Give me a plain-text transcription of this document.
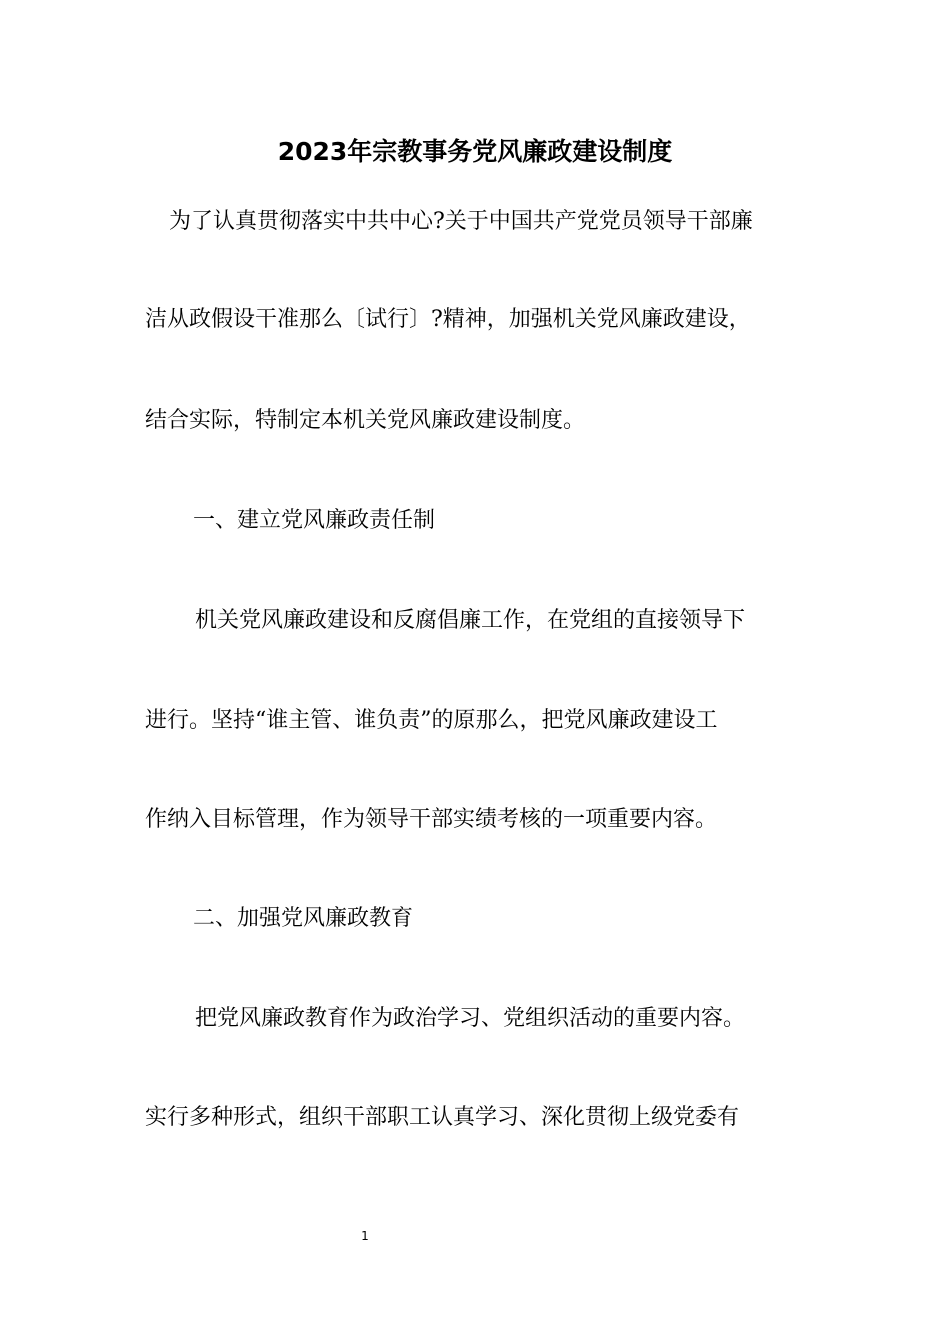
2023年宗教事务党风廉政建设制度
为了认真贯彻落实中共中心?关于中国共产党党员领导干部廉
洁从政假设干准那么〔试行〕?精神，加强机关党风廉政建设，
结合实际，特制定本机关党风廉政建设制度。
一、建立党风廉政责任制
机关党风廉政建设和反腐倡廉工作，在党组的直接领导下
进行。坚持“谁主管、谁负责”的原那么，把党风廉政建设工
作纳入目标管理，作为领导干部实绩考核的一项重要内容。
二、加强党风廉政教育
把党风廉政教育作为政治学习、党组织活动的重要内容。
实行多种形式，组织干部职工认真学习、深化贯彻上级党委有
1
